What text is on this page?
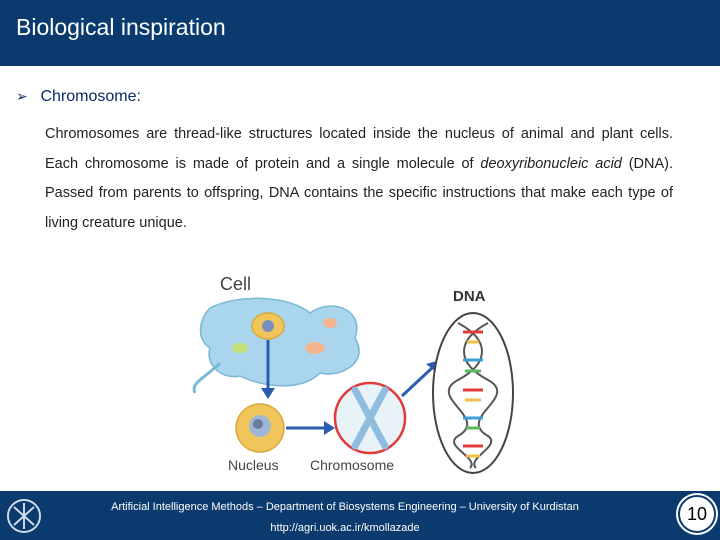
Biological inspiration
➢ Chromosome:
Chromosomes are thread-like structures located inside the nucleus of animal and plant cells. Each chromosome is made of protein and a single molecule of deoxyribonucleic acid (DNA). Passed from parents to offspring, DNA contains the specific instructions that make each type of living creature unique.
Cell
Nucleus Chromosome
DNA
Artificial Intelligence Methods – Department of Biosystems Engineering – University of Kurdistan
http://agri.uok.ac.ir/kmollazade
10
